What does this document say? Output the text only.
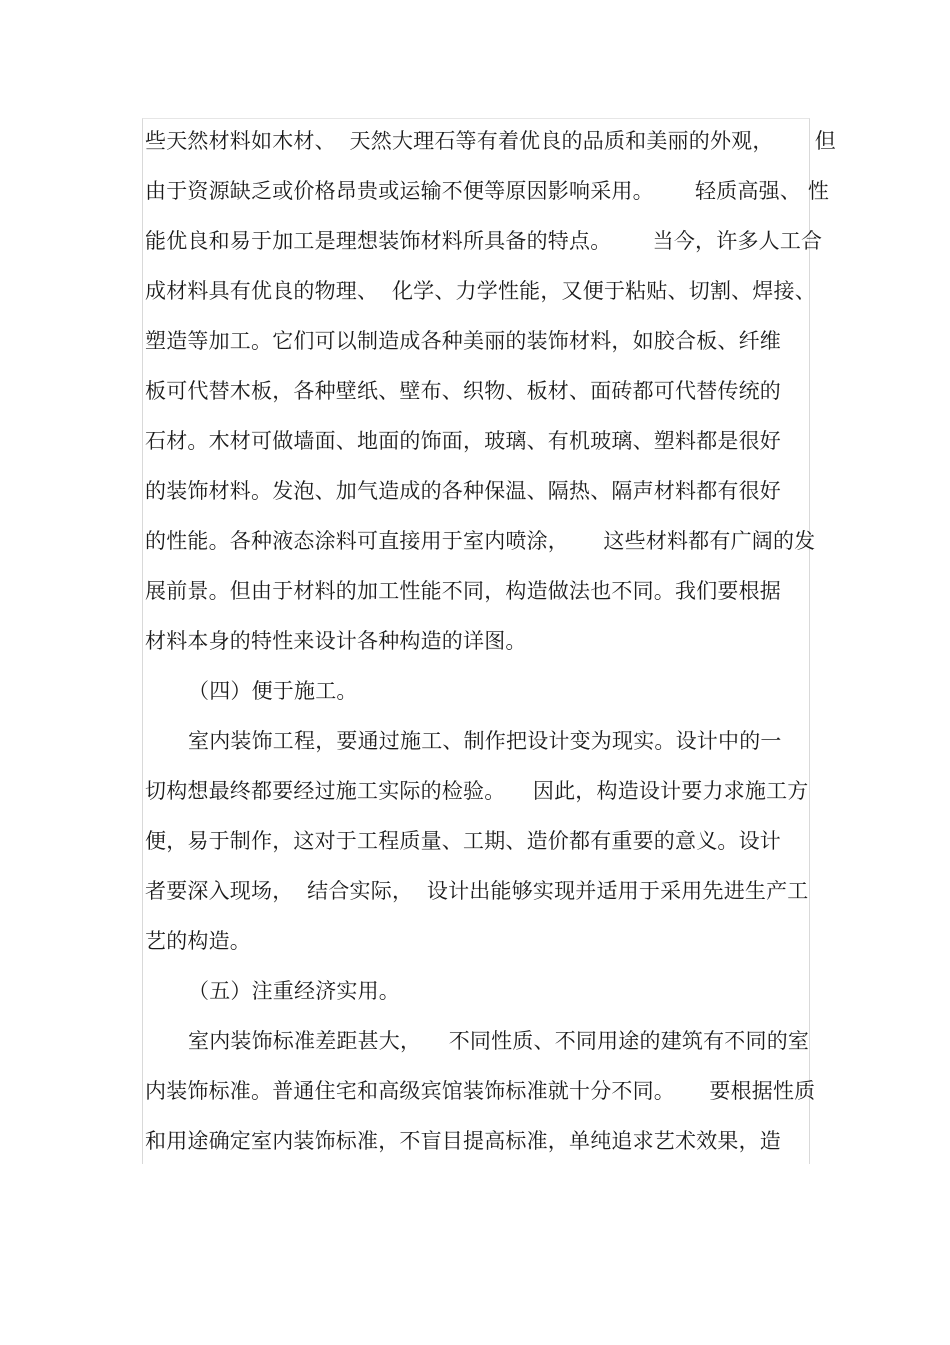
些天然材料如木材、  天然大理石等有着优良的品质和美丽的外观，      但
由于资源缺乏或价格昂贵或运输不便等原因影响采用。      轻质高强、 性
能优良和易于加工是理想装饰材料所具备的特点。      当今，许多人工合
成材料具有优良的物理、  化学、力学性能，又便于粘贴、切割、焊接、
塑造等加工。它们可以制造成各种美丽的装饰材料，如胶合板、纤维
板可代替木板，各种壁纸、壁布、织物、板材、面砖都可代替传统的
石材。木材可做墙面、地面的饰面，玻璃、有机玻璃、塑料都是很好
的装饰材料。发泡、加气造成的各种保温、隔热、隔声材料都有很好
的性能。各种液态涂料可直接用于室内喷涂，     这些材料都有广阔的发
展前景。但由于材料的加工性能不同，构造做法也不同。我们要根据
材料本身的特性来设计各种构造的详图。
（四）便于施工。
室内装饰工程，要通过施工、制作把设计变为现实。设计中的一
切构想最终都要经过施工实际的检验。    因此，构造设计要力求施工方
便，易于制作，这对于工程质量、工期、造价都有重要的意义。设计
者要深入现场，  结合实际，  设计出能够实现并适用于采用先进生产工
艺的构造。
（五）注重经济实用。
室内装饰标准差距甚大，    不同性质、不同用途的建筑有不同的室
内装饰标准。普通住宅和高级宾馆装饰标准就十分不同。     要根据性质
和用途确定室内装饰标准，不盲目提高标准，单纯追求艺术效果，造
